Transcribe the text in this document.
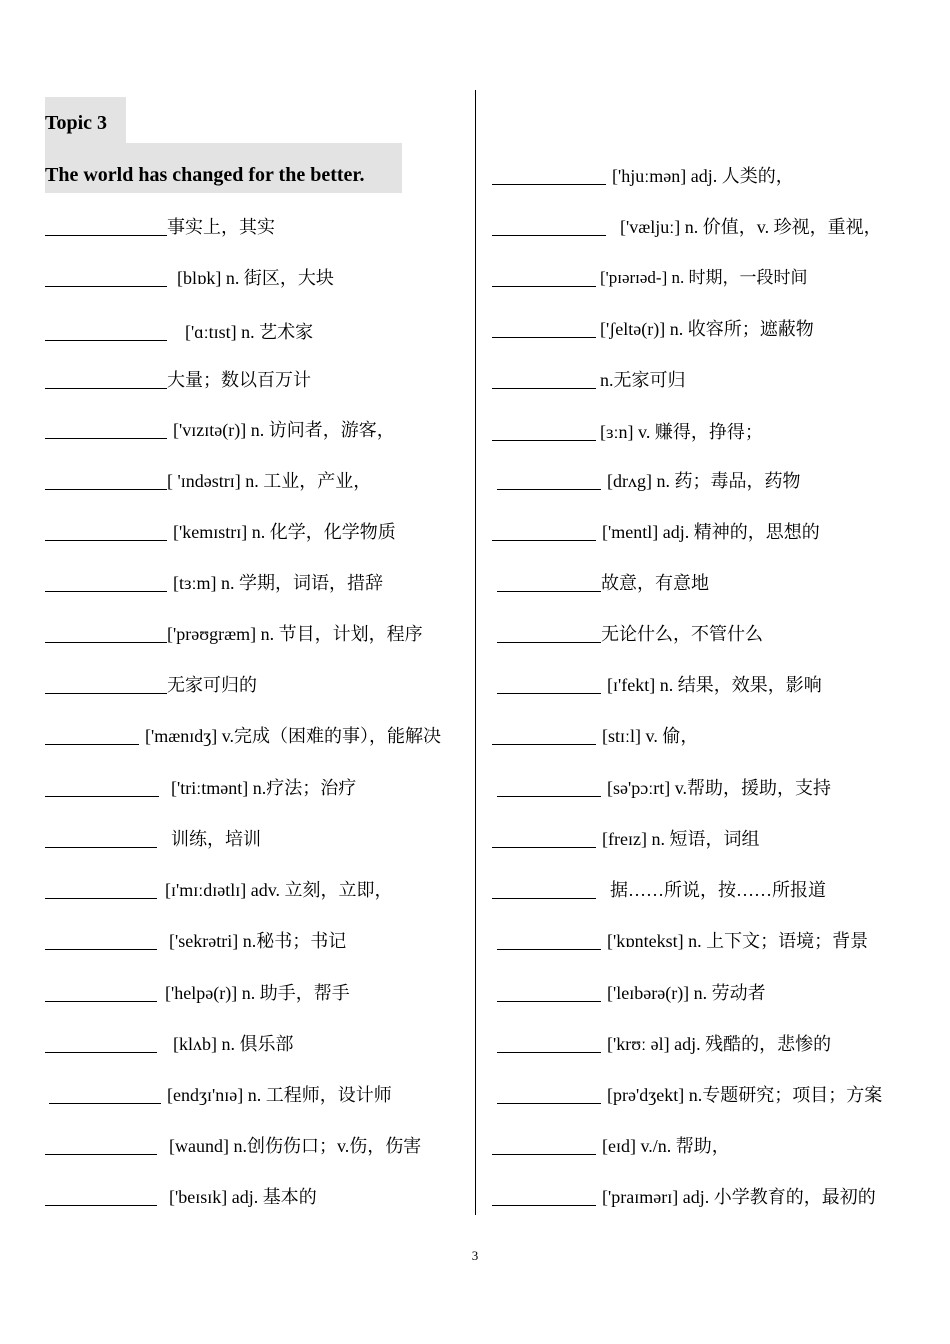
Topic 3
The world has changed for the better.
事实上，其实
[blɒk] n. 街区，大块
['ɑːtɪst] n. 艺术家
大量；数以百万计
['vɪzɪtə(r)] n. 访问者，游客，
[ 'ɪndəstrɪ] n. 工业，产业，
['kemɪstrɪ] n. 化学，化学物质
[tɜːm] n. 学期，词语，措辞
['prəʊgræm] n. 节目，计划，程序
无家可归的
['mænɪdʒ] v.完成（困难的事），能解决
['triːtmənt] n.疗法；治疗
训练，培训
[ɪ'mɪːdɪətlɪ] adv. 立刻，立即，
['sekrətri] n.秘书；书记
['helpə(r)] n. 助手，帮手
[klʌb] n. 俱乐部
[endʒɪ'nɪə] n. 工程师，设计师
[waund] n.创伤伤口；v.伤，伤害
['beɪsɪk] adj. 基本的
['hjuːmən] adj. 人类的，
['væljuː] n. 价值，v. 珍视，重视，
['pɪərɪəd-] n. 时期，一段时间
['ʃeltə(r)] n. 收容所；遮蔽物
n.无家可归
[ɜːn] v. 赚得，挣得；
[drʌg] n. 药；毒品，药物
['mentl] adj. 精神的，思想的
故意，有意地
无论什么，不管什么
[ɪ'fekt] n. 结果，效果，影响
[stɪːl] v. 偷，
[sə'pɔːrt] v.帮助，援助，支持
[freɪz] n. 短语，词组
据……所说，按……所报道
['kɒntekst] n. 上下文；语境；背景
['leɪbərə(r)] n. 劳动者
['krʊː əl] adj. 残酷的，悲惨的
[prə'dʒekt] n.专题研究；项目；方案
[eɪd] v./n. 帮助，
['praɪmərɪ] adj. 小学教育的，最初的
3
